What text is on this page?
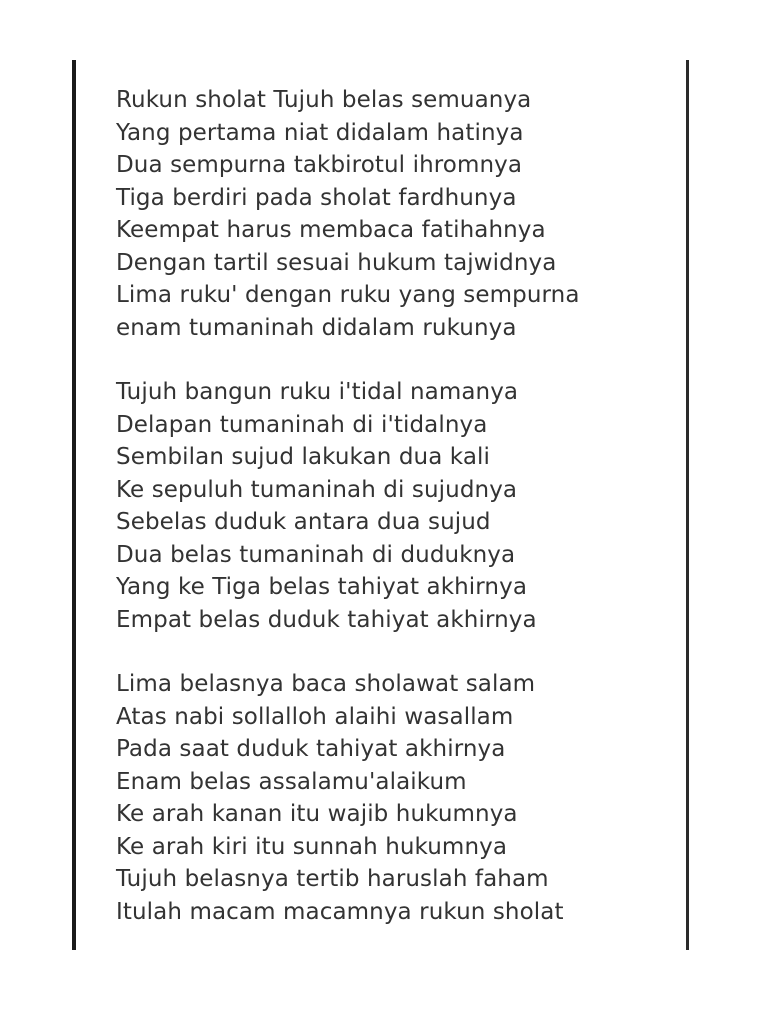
Rukun sholat Tujuh belas semuanya
Yang pertama niat didalam hatinya
Dua sempurna takbirotul ihromnya
Tiga berdiri pada sholat fardhunya
Keempat harus membaca fatihahnya
Dengan tartil sesuai hukum tajwidnya
Lima ruku' dengan ruku yang sempurna
enam tumaninah didalam rukunya
Tujuh bangun ruku i'tidal namanya
Delapan tumaninah di i'tidalnya
Sembilan sujud lakukan dua kali
Ke sepuluh tumaninah di sujudnya
Sebelas duduk antara dua sujud
Dua belas tumaninah di duduknya
Yang ke Tiga belas tahiyat akhirnya
Empat belas duduk tahiyat akhirnya
Lima belasnya baca sholawat salam
Atas nabi sollalloh alaihi wasallam
Pada saat duduk tahiyat akhirnya
Enam belas assalamu'alaikum
Ke arah kanan itu wajib hukumnya
Ke arah kiri itu sunnah hukumnya
Tujuh belasnya tertib haruslah faham
Itulah macam macamnya rukun sholat
